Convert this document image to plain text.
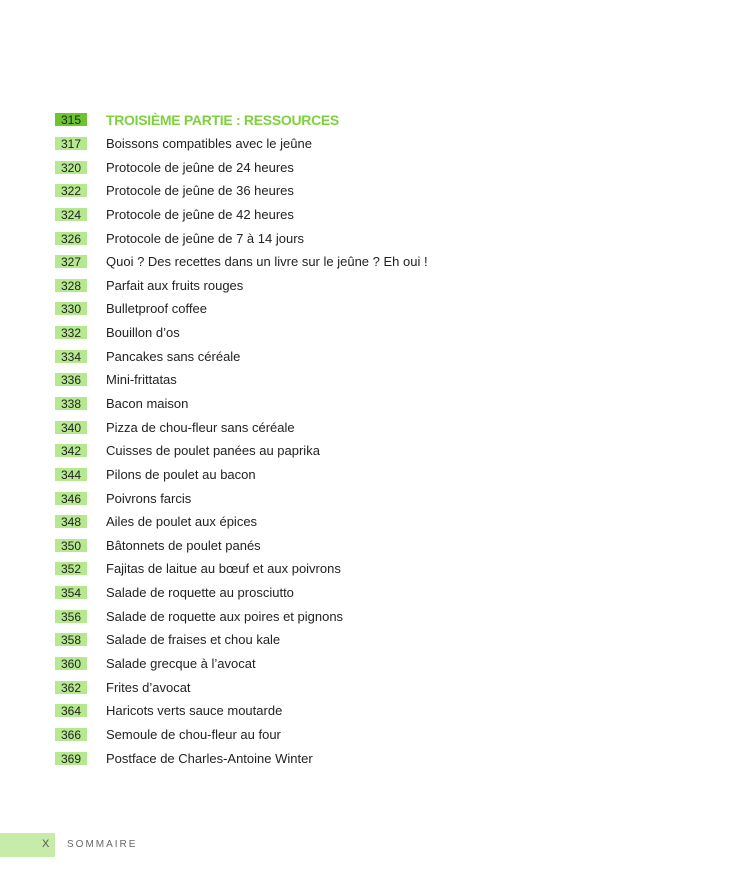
315	TROISIÈME PARTIE : RESSOURCES
317	Boissons compatibles avec le jeûne
320	Protocole de jeûne de 24 heures
322	Protocole de jeûne de 36 heures
324	Protocole de jeûne de 42 heures
326	Protocole de jeûne de 7 à 14 jours
327	Quoi ? Des recettes dans un livre sur le jeûne ? Eh oui !
328	Parfait aux fruits rouges
330	Bulletproof coffee
332	Bouillon d’os
334	Pancakes sans céréale
336	Mini-frittatas
338	Bacon maison
340	Pizza de chou-fleur sans céréale
342	Cuisses de poulet panées au paprika
344	Pilons de poulet au bacon
346	Poivrons farcis
348	Ailes de poulet aux épices
350	Bâtonnets de poulet panés
352	Fajitas de laitue au bœuf et aux poivrons
354	Salade de roquette au prosciutto
356	Salade de roquette aux poires et pignons
358	Salade de fraises et chou kale
360	Salade grecque à l’avocat
362	Frites d’avocat
364	Haricots verts sauce moutarde
366	Semoule de chou-fleur au four
369	Postface de Charles-Antoine Winter
X SOMMAIRE
